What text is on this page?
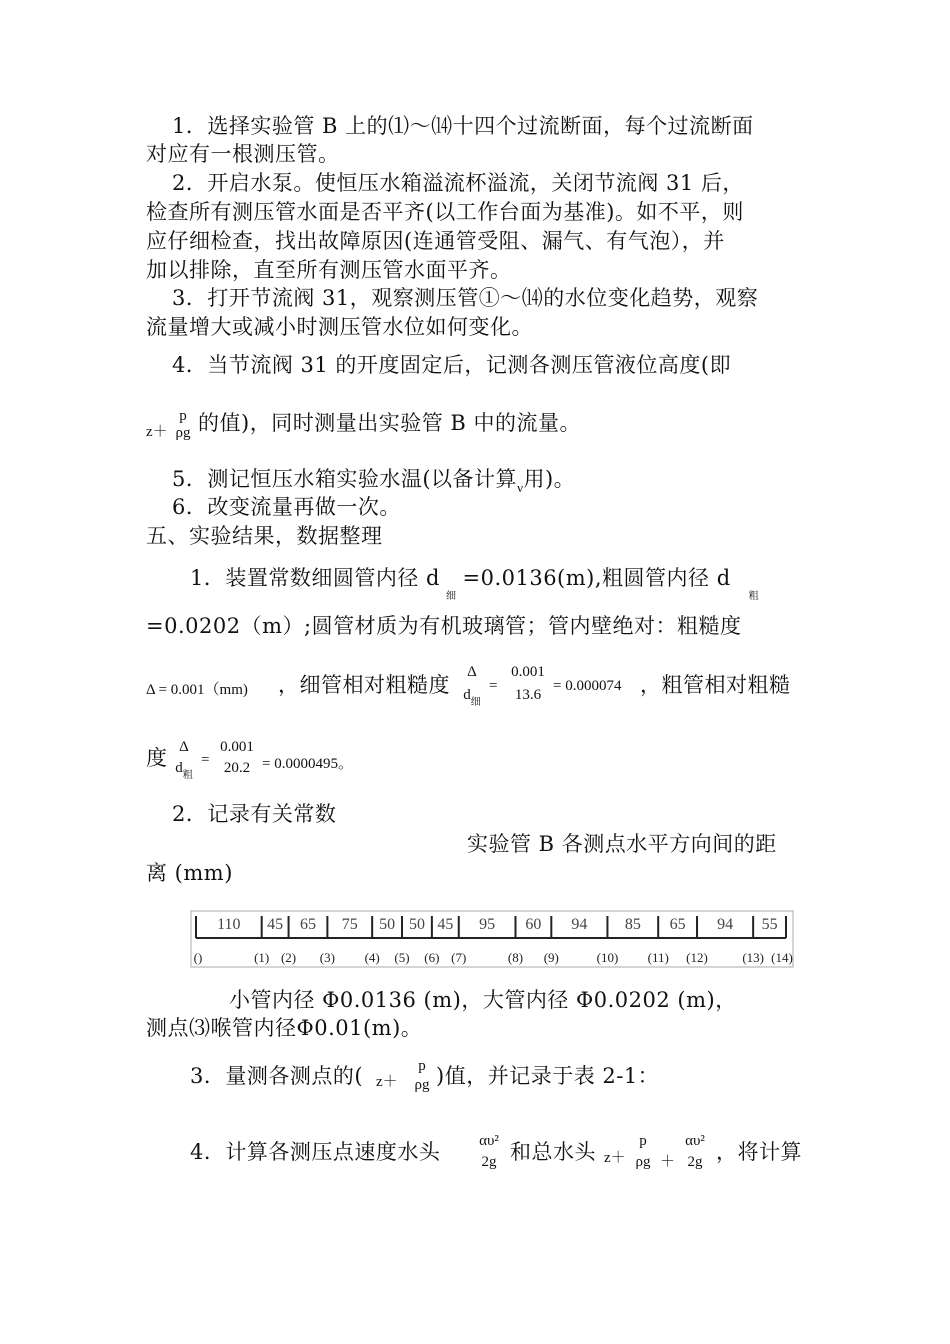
1．选择实验管 B 上的⑴～⒁十四个过流断面，每个过流断面
对应有一根测压管。
2．开启水泵。使恒压水箱溢流杯溢流，关闭节流阀 31 后，
检查所有测压管水面是否平齐(以工作台面为基准)。如不平，则
应仔细检查，找出故障原因(连通管受阻、漏气、有气泡），并
加以排除，直至所有测压管水面平齐。
3．打开节流阀 31，观察测压管①～⒁的水位变化趋势，观察
流量增大或减小时测压管水位如何变化。
4．当节流阀 31 的开度固定后，记测各测压管液位高度(即
z＋
p
ρg 的值)，同时测量出实验管 B 中的流量。
5．测记恒压水箱实验水温(以备计算$_\nu$用)。
6．改变流量再做一次。
五、实验结果，数据整理
1．装置常数细圆管内径 $d_细=0.0136(m)$,粗圆管内径 $d_粗$
=0.0202（m）;圆管材质为有机玻璃管；管内壁绝对：粗糙度
Δ = 0.001（mm) ，细管相对粗糙度
Δ
$d_细$
=
0.001
13.6
= 0.000074 ，粗管相对粗糙
度 Δ
$d_粗$
=
0.001
20.2 = 0.0000495。
2．记录有关常数
实验管 B 各测点水平方向间的距
离 (mm)
110 45 65 75 50 50 45 95 60 94 85 65 94 55
()	(1) (2) (3) (4) (5) (6) (7)	(8) (9)	(10) (11) (12)	(13) (14)
小管内径 Φ0.0136 (m)，大管内径 Φ0.0202 (m)，
测点⑶喉管内径Φ0.01(m)。
3．量测各测点的( z＋
p
ρg )值，并记录于表 2-1：
4．计算各测压点速度水头	αυ²
2g 和总水头 z＋
p
ρg ＋
αυ²
2g ，将计算
